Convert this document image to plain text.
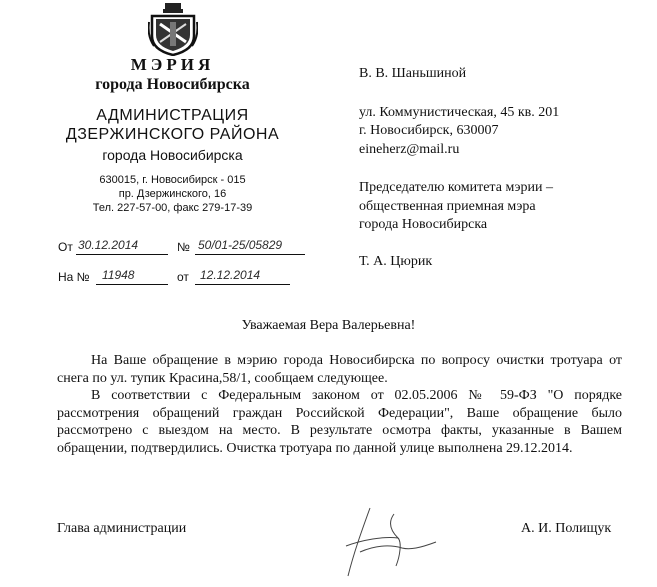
МЭРИЯ
города Новосибирска
АДМИНИСТРАЦИЯ
ДЗЕРЖИНСКОГО РАЙОНА
города Новосибирска
630015, г. Новосибирск - 015
пр. Дзержинского, 16
Тел. 227-57-00, факс 279-17-39
От 30.12.2014	№ 50/01-25/05829
На № 11948	от 12.12.2014
В. В. Шаньшиной
ул. Коммунистическая, 45 кв. 201
г. Новосибирск, 630007
eineherz@mail.ru
Председателю комитета мэрии –
общественная приемная мэра
города Новосибирска
Т. А. Цюрик
Уважаемая Вера Валерьевна!

На Ваше обращение в мэрию города Новосибирска по вопросу очистки тротуара от снега по ул. тупик Красина,58/1, сообщаем следующее.

В соответствии с Федеральным законом от 02.05.2006 № 59-ФЗ "О порядке рассмотрения обращений граждан Российской Федерации", Ваше обращение было рассмотрено с выездом на место. В результате осмотра факты, указанные в Вашем обращении, подтвердились. Очистка тротуара по данной улице выполнена 29.12.2014.

Глава администрации	А. И. Полищук
